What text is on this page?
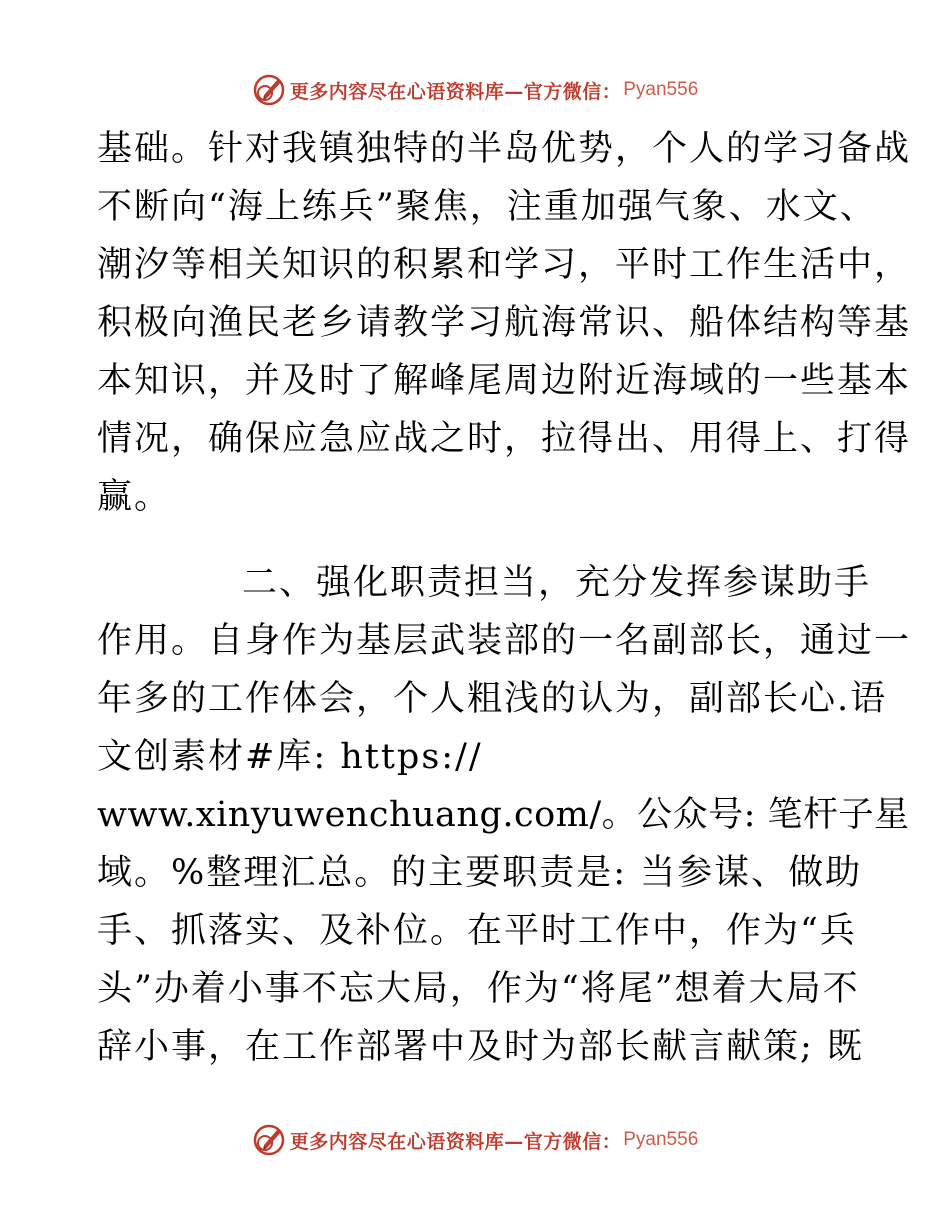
更多内容尽在心语资料库—官方微信： Pyan556
基础。针对我镇独特的半岛优势，个人的学习备战
不断向“海上练兵”聚焦，注重加强气象、水文、
潮汐等相关知识的积累和学习，平时工作生活中，
积极向渔民老乡请教学习航海常识、船体结构等基
本知识，并及时了解峰尾周边附近海域的一些基本
情况，确保应急应战之时，拉得出、用得上、打得
赢。
二、强化职责担当，充分发挥参谋助手
作用。自身作为基层武装部的一名副部长，通过一
年多的工作体会，个人粗浅的认为，副部长心.语
文创素材#库: https://
www.xinyuwenchuang.com/。公众号: 笔杆子星
域。%整理汇总。的主要职责是: 当参谋、做助
手、抓落实、及补位。在平时工作中，作为“兵
头”办着小事不忘大局，作为“将尾”想着大局不
辞小事，在工作部署中及时为部长献言献策; 既
更多内容尽在心语资料库—官方微信： Pyan556
